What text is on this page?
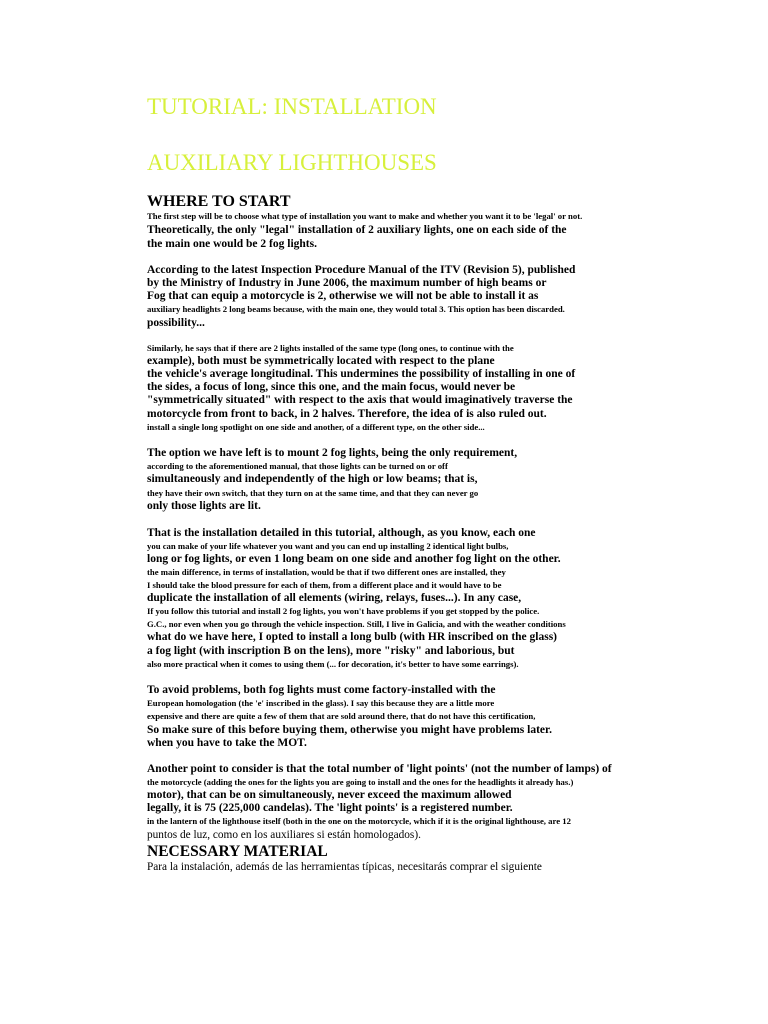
TUTORIAL: INSTALLATION
AUXILIARY LIGHTHOUSES
WHERE TO START
The first step will be to choose what type of installation you want to make and whether you want it to be 'legal' or not.
Theoretically, the only "legal" installation of 2 auxiliary lights, one on each side of the
the main one would be 2 fog lights.
According to the latest Inspection Procedure Manual of the ITV (Revision 5), published
by the Ministry of Industry in June 2006, the maximum number of high beams or
Fog that can equip a motorcycle is 2, otherwise we will not be able to install it as
auxiliary headlights 2 long beams because, with the main one, they would total 3. This option has been discarded.
possibility...
Similarly, he says that if there are 2 lights installed of the same type (long ones, to continue with the
example), both must be symmetrically located with respect to the plane
the vehicle's average longitudinal. This undermines the possibility of installing in one of
the sides, a focus of long, since this one, and the main focus, would never be
"symmetrically situated" with respect to the axis that would imaginatively traverse the
motorcycle from front to back, in 2 halves. Therefore, the idea of is also ruled out.
install a single long spotlight on one side and another, of a different type, on the other side...
The option we have left is to mount 2 fog lights, being the only requirement,
according to the aforementioned manual, that those lights can be turned on or off
simultaneously and independently of the high or low beams; that is,
they have their own switch, that they turn on at the same time, and that they can never go
only those lights are lit.
That is the installation detailed in this tutorial, although, as you know, each one
you can make of your life whatever you want and you can end up installing 2 identical light bulbs,
long or fog lights, or even 1 long beam on one side and another fog light on the other.
the main difference, in terms of installation, would be that if two different ones are installed, they
I should take the blood pressure for each of them, from a different place and it would have to be
duplicate the installation of all elements (wiring, relays, fuses...). In any case,
If you follow this tutorial and install 2 fog lights, you won't have problems if you get stopped by the police.
G.C., nor even when you go through the vehicle inspection. Still, I live in Galicia, and with the weather conditions
what do we have here, I opted to install a long bulb (with HR inscribed on the glass)
a fog light (with inscription B on the lens), more "risky" and laborious, but
also more practical when it comes to using them (... for decoration, it's better to have some earrings).
To avoid problems, both fog lights must come factory-installed with the
European homologation (the 'e' inscribed in the glass). I say this because they are a little more
expensive and there are quite a few of them that are sold around there, that do not have this certification,
So make sure of this before buying them, otherwise you might have problems later.
when you have to take the MOT.
Another point to consider is that the total number of 'light points' (not the number of lamps) of
the motorcycle (adding the ones for the lights you are going to install and the ones for the headlights it already has.)
motor), that can be on simultaneously, never exceed the maximum allowed
legally, it is 75 (225,000 candelas). The 'light points' is a registered number.
in the lantern of the lighthouse itself (both in the one on the motorcycle, which if it is the original lighthouse, are 12
puntos de luz, como en los auxiliares si están homologados).
NECESSARY MATERIAL
Para la instalación, además de las herramientas típicas, necesitarás comprar el siguiente
